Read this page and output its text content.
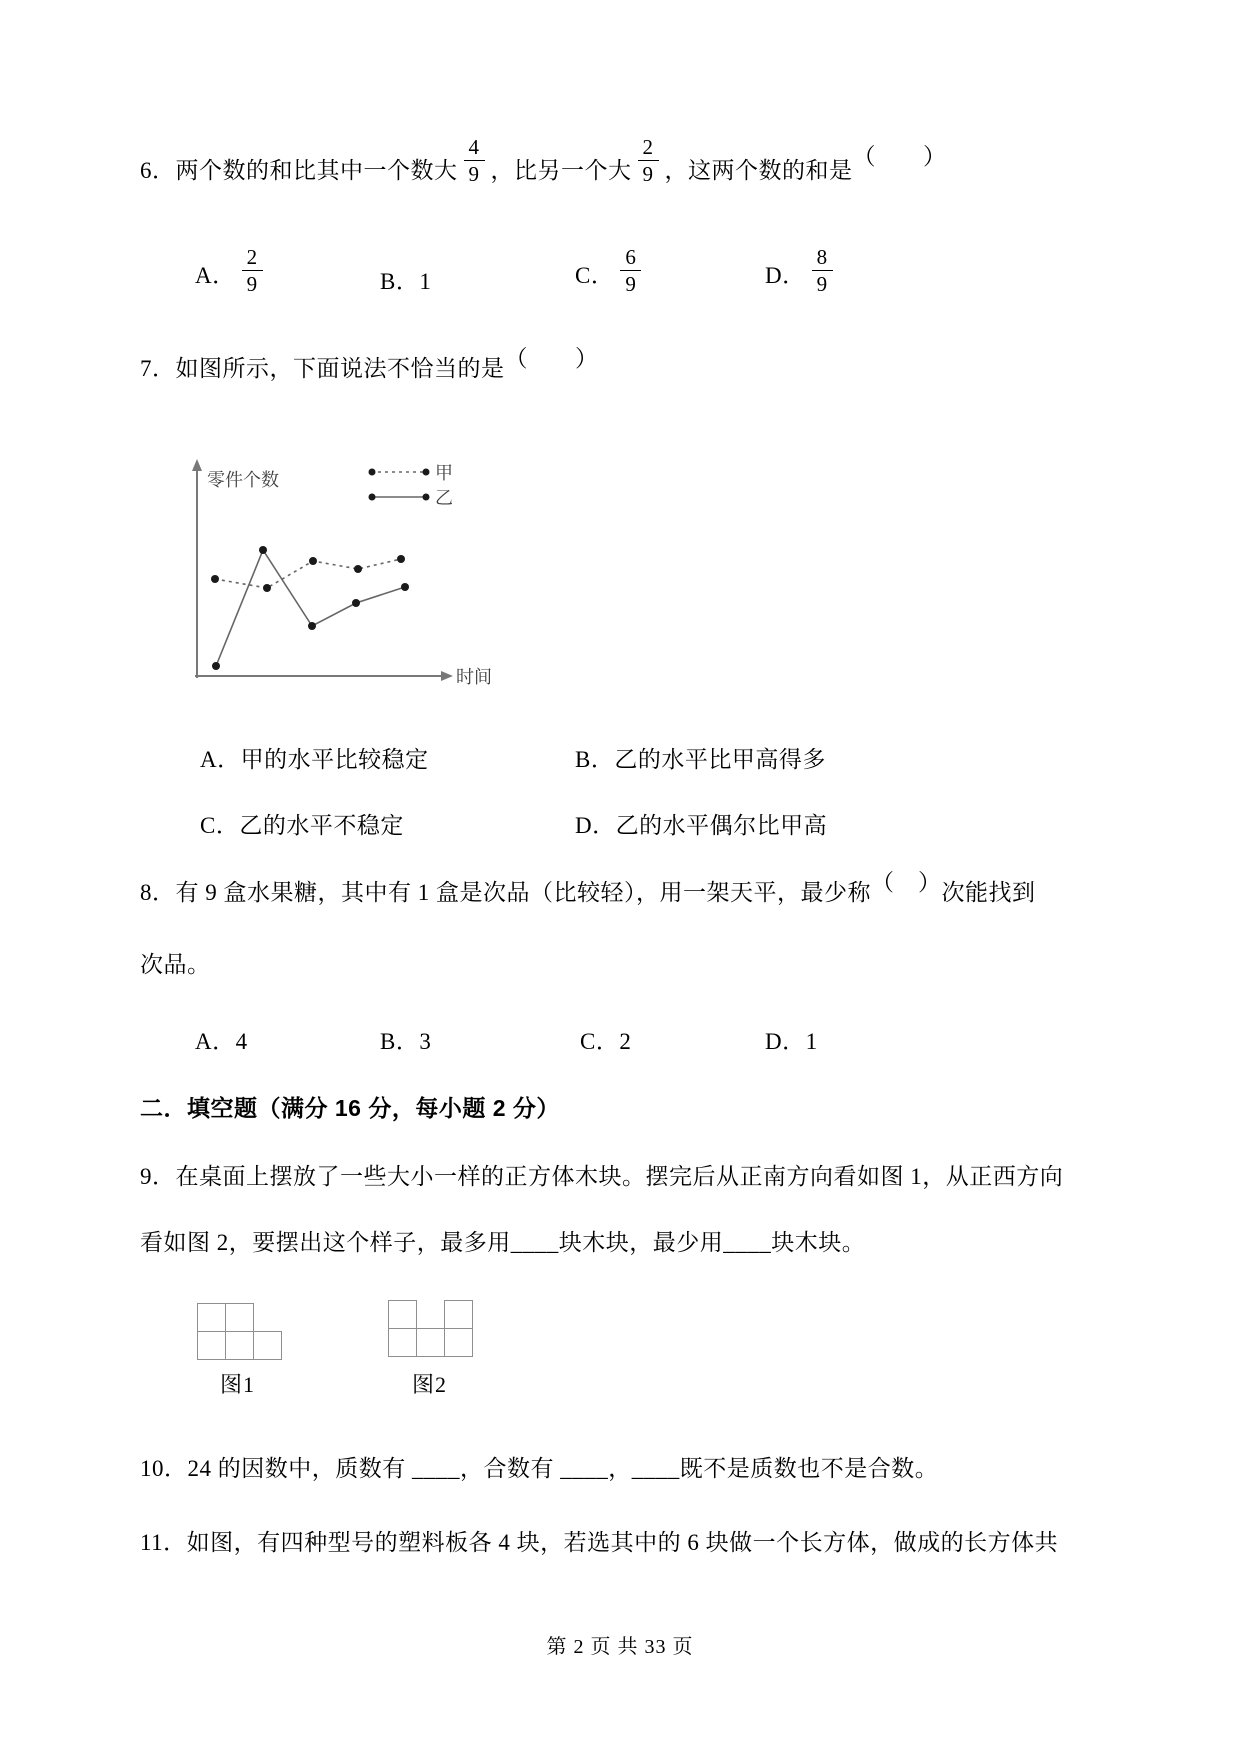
6．两个数的和比其中一个数大 $\frac{4}{9}$ ，比另一个大 $\frac{2}{9}$ ，这两个数的和是
（　　）
A． $\frac{2}{9}$	B．1	C． $\frac{6}{9}$	D． $\frac{8}{9}$
7．如图所示，下面说法不恰当的是（　　）
零件个数
时间
甲
乙
A．甲的水平比较稳定	B．乙的水平比甲高得多
C．乙的水平不稳定	D．乙的水平偶尔比甲高
8．有 9 盒水果糖，其中有 1 盒是次品（比较轻），用一架天平，最少称（　）次能找到
次品。
A．4	B．3	C．2	D．1
二．填空题（满分 16 分，每小题 2 分）
9．在桌面上摆放了一些大小一样的正方体木块。摆完后从正南方向看如图 1，从正西方向
看如图 2，要摆出这个样子，最多用____块木块，最少用____块木块。
图1	图2
10．24 的因数中，质数有 ____，合数有 ____，____既不是质数也不是合数。
11．如图，有四种型号的塑料板各 4 块，若选其中的 6 块做一个长方体，做成的长方体共
第 2 页 共 33 页
